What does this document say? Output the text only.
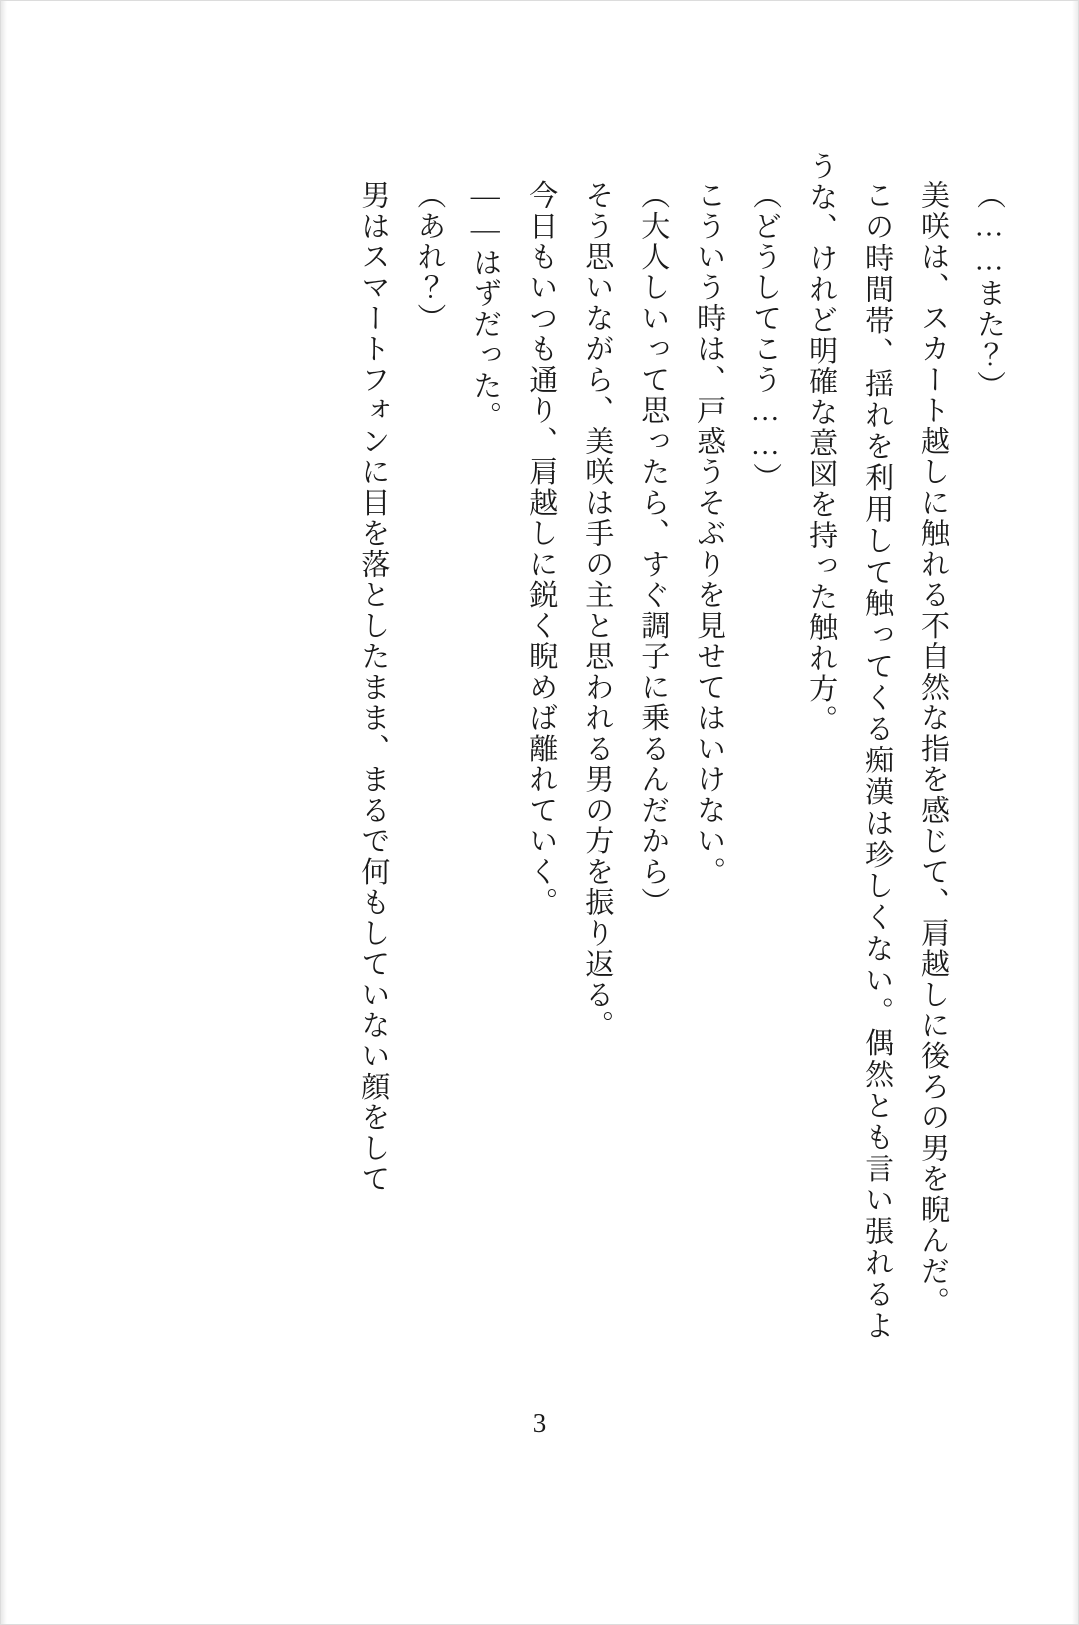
（……また？）

美咲は、スカート越しに触れる不自然な指を感じて、肩越しに後ろの男を睨んだ。

この時間帯、揺れを利用して触ってくる痴漢は珍しくない。偶然とも言い張れるような、けれど明確な意図を持った触れ方。

（どうしてこう……）

こういう時は、戸惑うそぶりを見せてはいけない。

（大人しいって思ったら、すぐ調子に乗るんだから）

そう思いながら、美咲は手の主と思われる男の方を振り返る。

今日もいつも通り、肩越しに鋭く睨めば離れていく。

――はずだった。

（あれ？）

男はスマートフォンに目を落としたまま、まるで何もしていない顔をして

3
